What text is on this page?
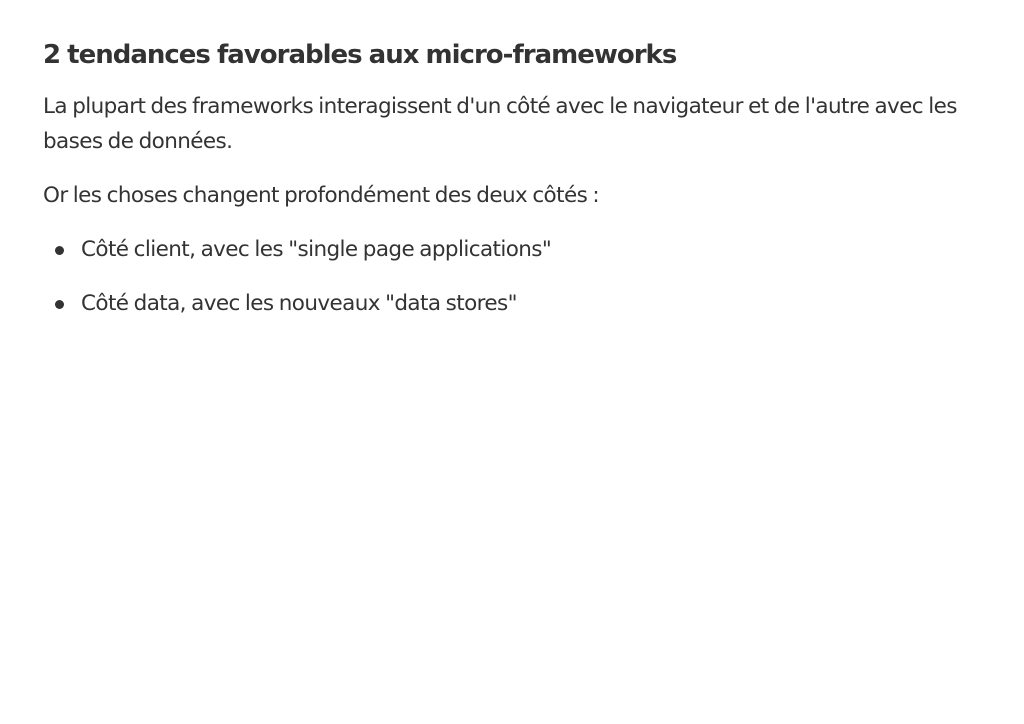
2 tendances favorables aux micro-frameworks

La plupart des frameworks interagissent d'un côté avec le navigateur et de l'autre avec les bases de données.

Or les choses changent profondément des deux côtés :

Côté client, avec les "single page applications"
Côté data, avec les nouveaux "data stores"
